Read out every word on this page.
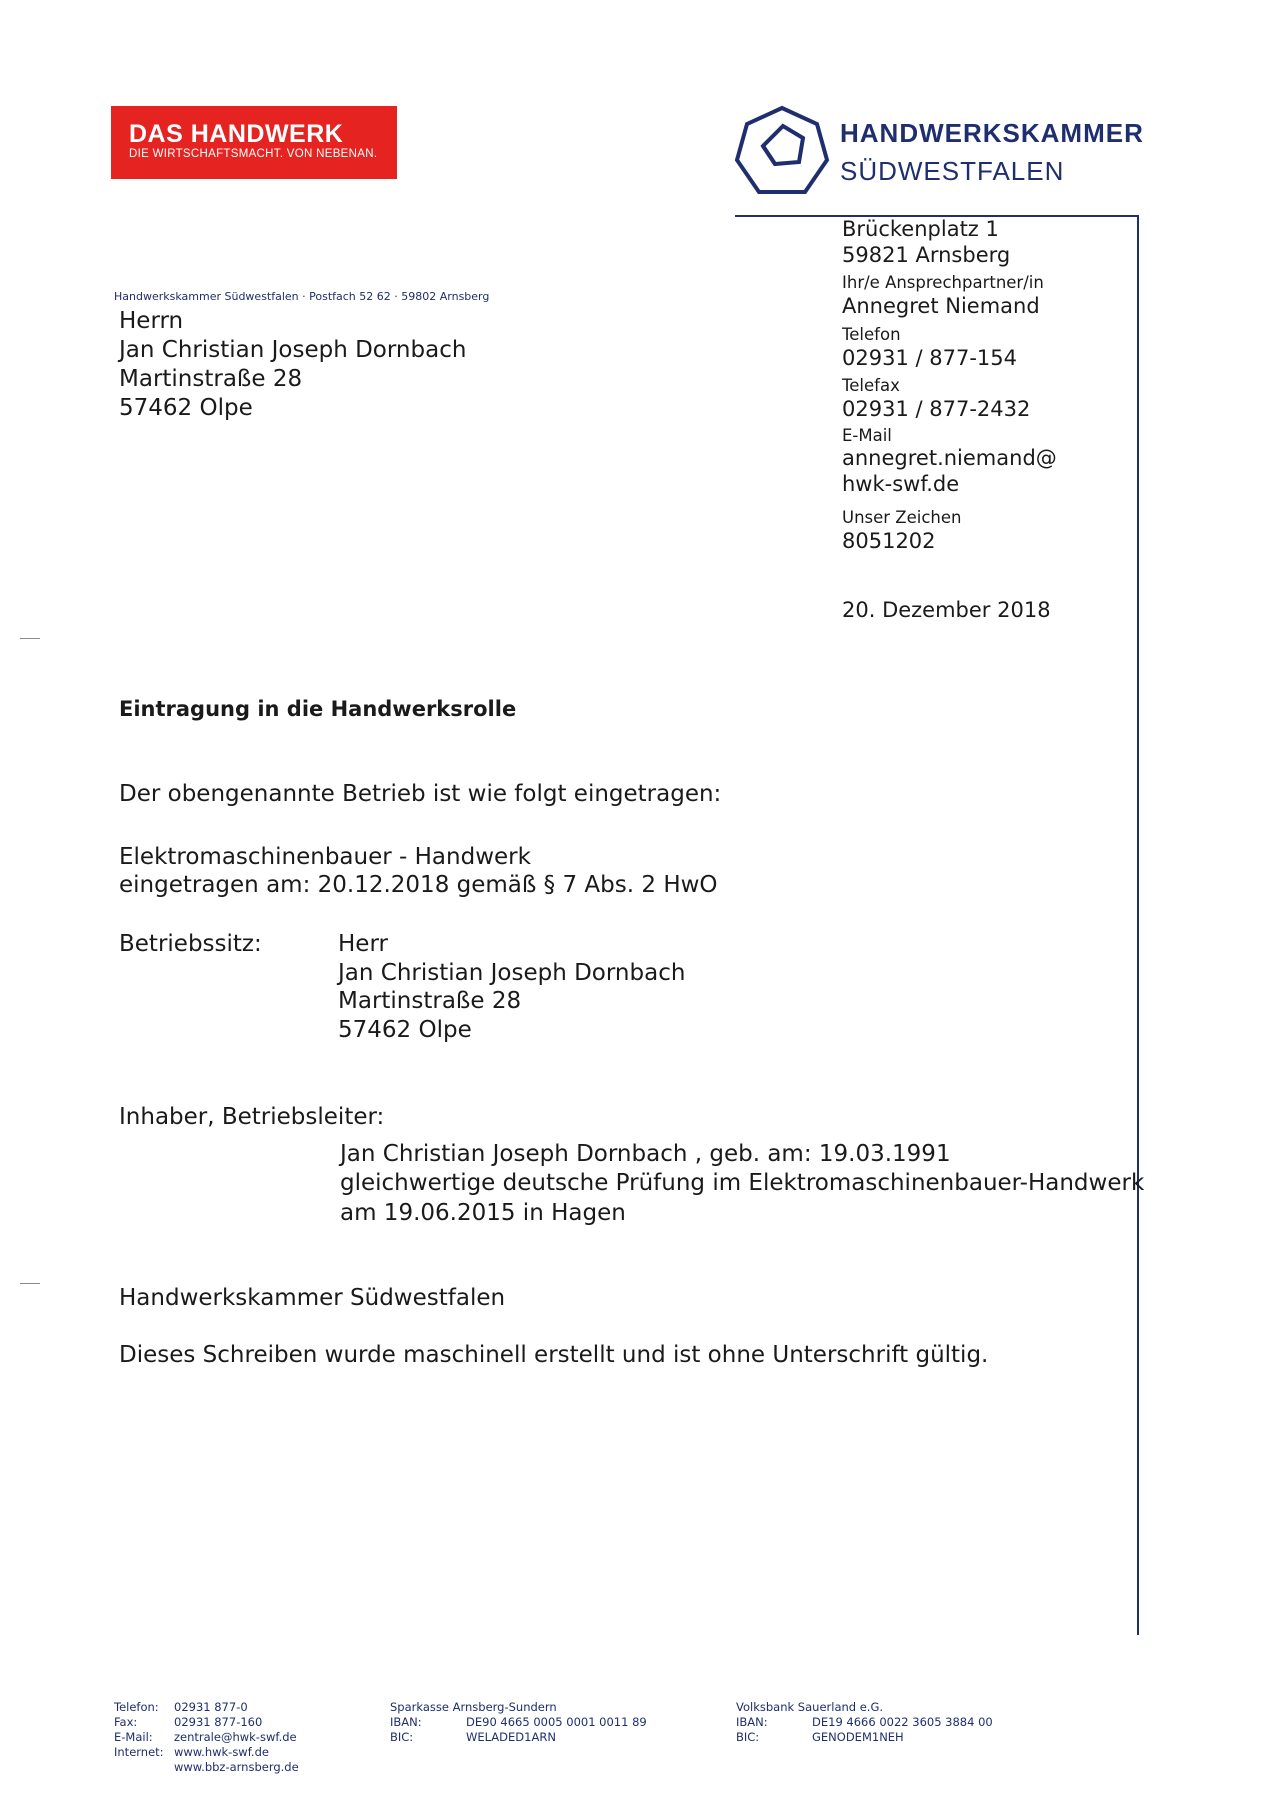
DAS HANDWERK
DIE WIRTSCHAFTSMACHT. VON NEBENAN.
HANDWERKSKAMMER
SÜDWESTFALEN
Brückenplatz 1
59821 Arnsberg
Ihr/e Ansprechpartner/in
Annegret Niemand
Telefon
02931 / 877-154
Telefax
02931 / 877-2432
E-Mail
annegret.niemand@
hwk-swf.de
Unser Zeichen
8051202
20. Dezember 2018
Handwerkskammer Südwestfalen · Postfach 52 62 · 59802 Arnsberg
Herrn
Jan Christian Joseph Dornbach
Martinstraße 28
57462 Olpe
Eintragung in die Handwerksrolle
Der obengenannte Betrieb ist wie folgt eingetragen:
Elektromaschinenbauer - Handwerk
eingetragen am: 20.12.2018 gemäß § 7 Abs. 2 HwO
Betriebssitz:	Herr
Jan Christian Joseph Dornbach
Martinstraße 28
57462 Olpe
Inhaber, Betriebsleiter:
Jan Christian Joseph Dornbach , geb. am: 19.03.1991
gleichwertige deutsche Prüfung im Elektromaschinenbauer-Handwerk
am 19.06.2015 in Hagen
Handwerkskammer Südwestfalen
Dieses Schreiben wurde maschinell erstellt und ist ohne Unterschrift gültig.
Telefon: 02931 877-0
Fax:	02931 877-160
E-Mail: zentrale@hwk-swf.de
Internet: www.hwk-swf.de
www.bbz-arnsberg.de
Sparkasse Arnsberg-Sundern
IBAN:	DE90 4665 0005 0001 0011 89
BIC:	WELADED1ARN
Volksbank Sauerland e.G.
IBAN:	DE19 4666 0022 3605 3884 00
BIC:	GENODEM1NEH
